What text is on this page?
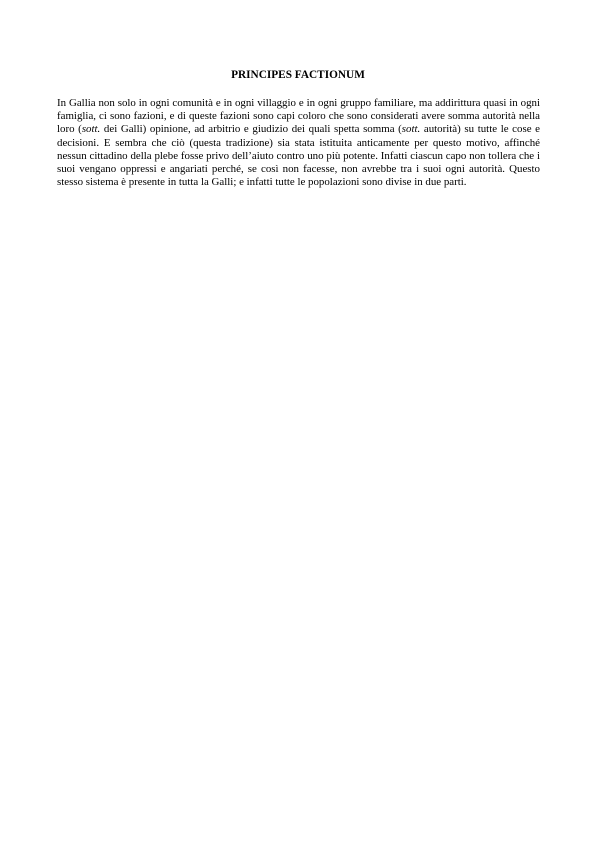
PRINCIPES FACTIONUM

In Gallia non solo in ogni comunità e in ogni villaggio e in ogni gruppo familiare, ma addirittura quasi in ogni famiglia, ci sono fazioni, e di queste fazioni sono capi coloro che sono considerati avere somma autorità nella loro (sott. dei Galli) opinione, ad arbitrio e giudizio dei quali spetta somma (sott. autorità) su tutte le cose e decisioni. E sembra che ciò (questa tradizione) sia stata istituita anticamente per questo motivo, affinché nessun cittadino della plebe fosse privo dell’aiuto contro uno più potente. Infatti ciascun capo non tollera che i suoi vengano oppressi e angariati perché, se così non facesse, non avrebbe tra i suoi ogni autorità. Questo stesso sistema è presente in tutta la Galli; e infatti tutte le popolazioni sono divise in due parti.
